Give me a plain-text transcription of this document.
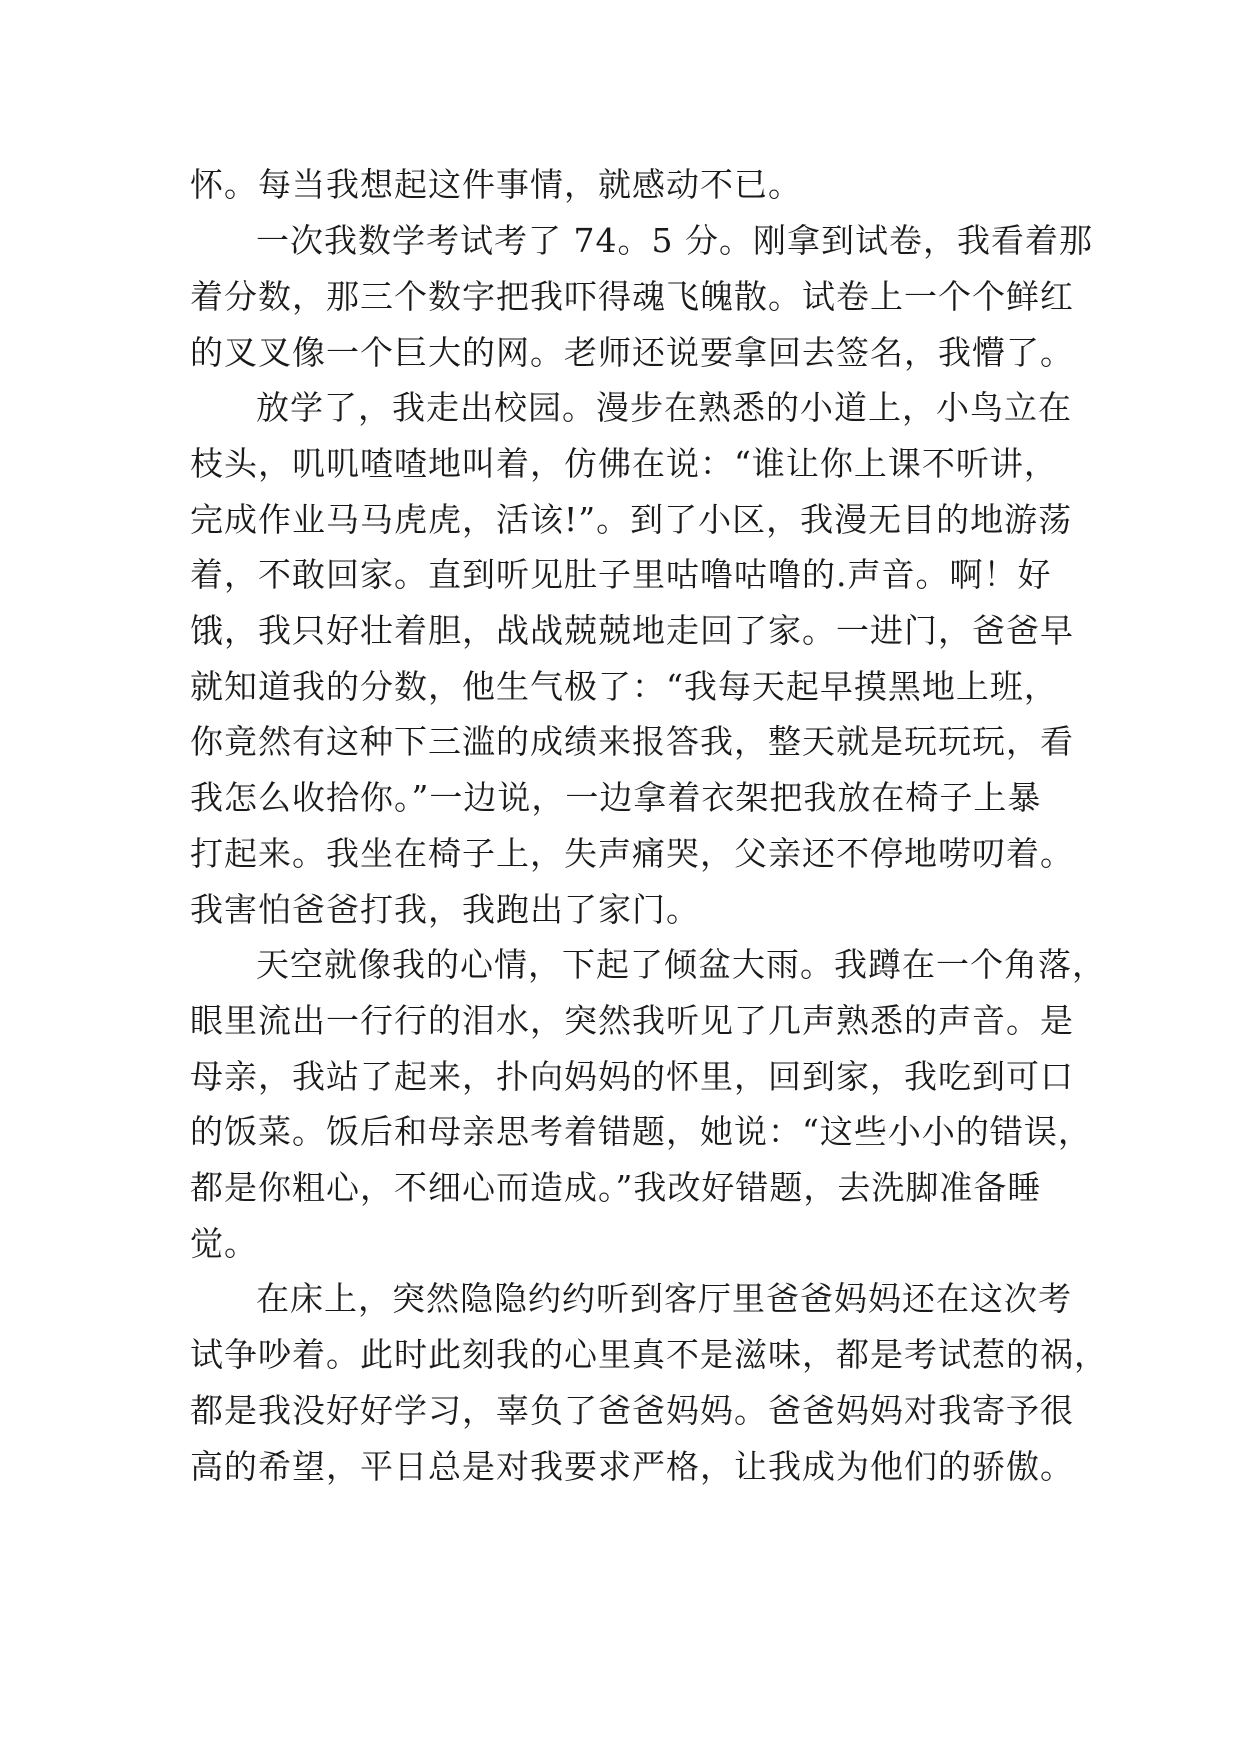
怀。每当我想起这件事情，就感动不已。
一次我数学考试考了 74。5 分。刚拿到试卷，我看着那
着分数，那三个数字把我吓得魂飞魄散。试卷上一个个鲜红
的叉叉像一个巨大的网。老师还说要拿回去签名，我懵了。
放学了，我走出校园。漫步在熟悉的小道上，小鸟立在
枝头，叽叽喳喳地叫着，仿佛在说：“谁让你上课不听讲，
完成作业马马虎虎，活该!”。到了小区，我漫无目的地游荡
着，不敢回家。直到听见肚子里咕噜咕噜的.声音。啊！好
饿，我只好壮着胆，战战兢兢地走回了家。一进门，爸爸早
就知道我的分数，他生气极了：“我每天起早摸黑地上班，
你竟然有这种下三滥的成绩来报答我，整天就是玩玩玩，看
我怎么收拾你。”一边说，一边拿着衣架把我放在椅子上暴
打起来。我坐在椅子上，失声痛哭，父亲还不停地唠叨着。
我害怕爸爸打我，我跑出了家门。
天空就像我的心情，下起了倾盆大雨。我蹲在一个角落，
眼里流出一行行的泪水，突然我听见了几声熟悉的声音。是
母亲，我站了起来，扑向妈妈的怀里，回到家，我吃到可口
的饭菜。饭后和母亲思考着错题，她说：“这些小小的错误，
都是你粗心，不细心而造成。”我改好错题，去洗脚准备睡
觉。
在床上，突然隐隐约约听到客厅里爸爸妈妈还在这次考
试争吵着。此时此刻我的心里真不是滋味，都是考试惹的祸，
都是我没好好学习，辜负了爸爸妈妈。爸爸妈妈对我寄予很
高的希望，平日总是对我要求严格，让我成为他们的骄傲。
